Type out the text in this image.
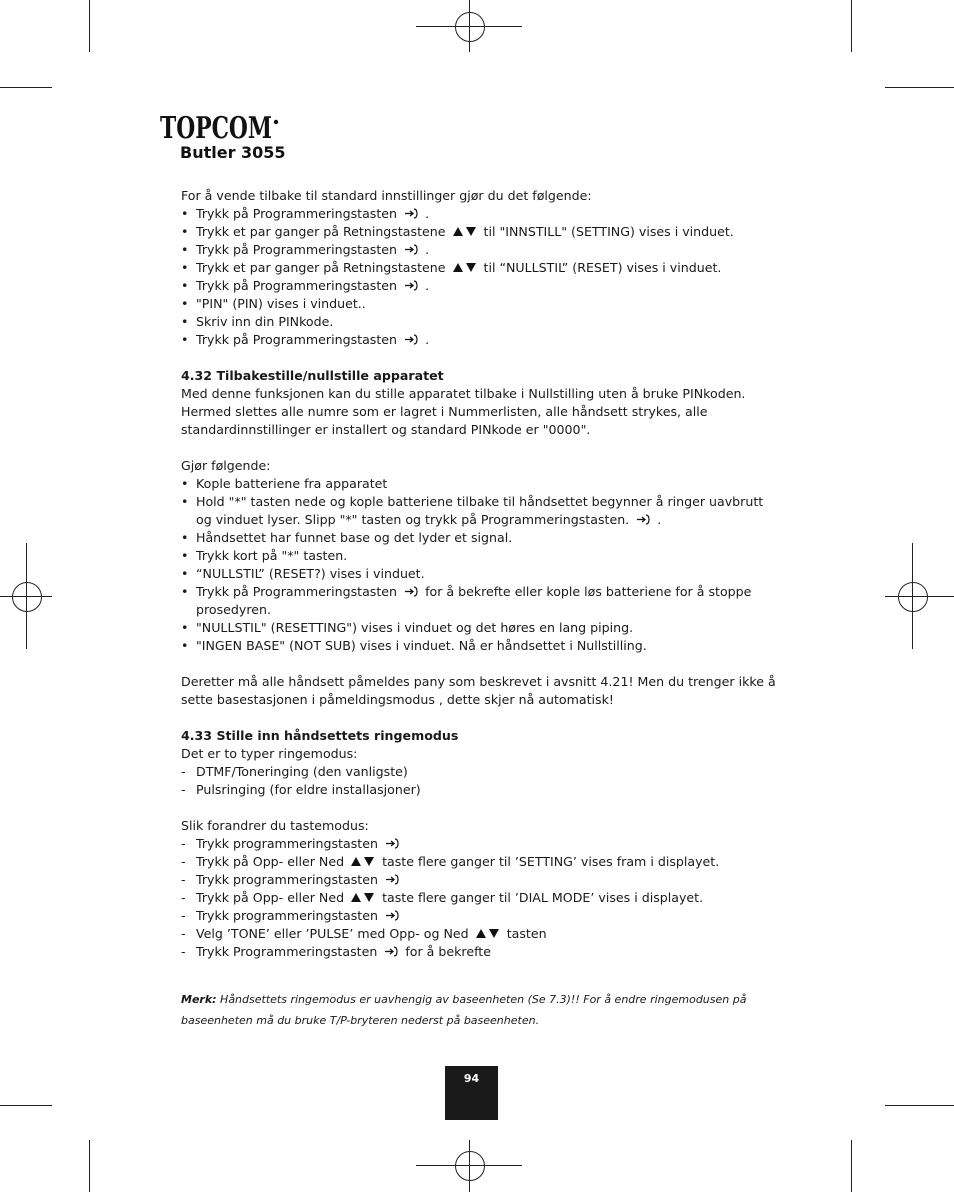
TOPCOM
Butler 3055

For å vende tilbake til standard innstillinger gjør du det følgende:

• Trykk på Programmeringstasten .
• Trykk et par ganger på Retningstastene	til "INNSTILL" (SETTING) vises i vinduet.
• Trykk på Programmeringstasten .
• Trykk et par ganger på Retningstastene	til “NULLSTIL” (RESET) vises i vinduet.
• Trykk på Programmeringstasten .
• "PIN" (PIN) vises i vinduet..
• Skriv inn din PINkode.
• Trykk på Programmeringstasten .
4.32 Tilbakestille/nullstille apparatet

Med denne funksjonen kan du stille apparatet tilbake i Nullstilling uten å bruke PINkoden.

Hermed slettes alle numre som er lagret i Nummerlisten, alle håndsett strykes, alle

standardinnstillinger er installert og standard PINkode er "0000".

Gjør følgende:

• Kople batteriene fra apparatet
• Hold "*" tasten nede og kople batteriene tilbake til håndsettet begynner å ringer uavbrutt og vinduet lyser. Slipp "*" tasten og trykk på Programmeringstasten. .
• Håndsettet har funnet base og det lyder et signal.
• Trykk kort på "*" tasten.
• “NULLSTIL” (RESET?) vises i vinduet.
• Trykk på Programmeringstasten for å bekrefte eller kople løs batteriene for å stoppe prosedyren.
• "NULLSTIL" (RESETTING") vises i vinduet og det høres en lang piping.
• "INGEN BASE" (NOT SUB) vises i vinduet. Nå er håndsettet i Nullstilling.

Deretter må alle håndsett påmeldes pany som beskrevet i avsnitt 4.21! Men du trenger ikke å

sette basestasjonen i påmeldingsmodus , dette skjer nå automatisk!

4.33 Stille inn håndsettets ringemodus

Det er to typer ringemodus:

- DTMF/Toneringing (den vanligste)
- Pulsringing (for eldre installasjoner)

Slik forandrer du tastemodus:

- Trykk programmeringstasten
- Trykk på Opp- eller Ned	taste flere ganger til ’SETTING’ vises fram i displayet.
- Trykk programmeringstasten
- Trykk på Opp- eller Ned	taste flere ganger til ’DIAL MODE’ vises i displayet.
- Trykk programmeringstasten
- Velg ’TONE’ eller ’PULSE’ med Opp- og Ned	tasten
- Trykk Programmeringstasten for å bekrefte

Merk: Håndsettets ringemodus er uavhengig av baseenheten (Se 7.3)!! For å endre ringemodusen på
baseenheten må du bruke T/P-bryteren nederst på baseenheten.

94
